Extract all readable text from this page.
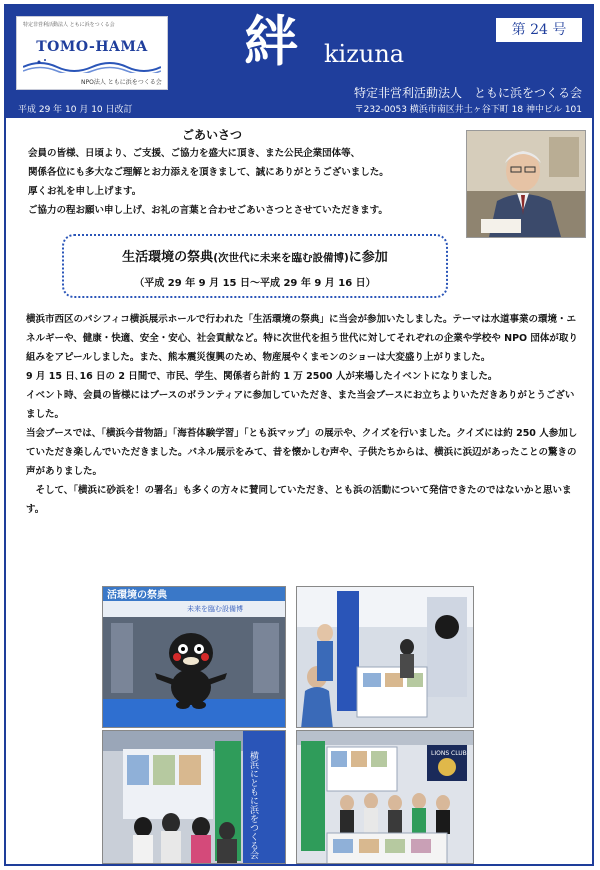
特定非営利活動法人 ともに浜をつくる会
TOMO-HAMA
NPO法人 ともに浜をつくる会
平成 29 年 10 月 10 日改訂
絆 kizuna
第 24 号
特定非営利活動法人　ともに浜をつくる会
〒232-0053 横浜市南区井土ヶ谷下町 18 神中ビル 101
ごあいさつ

会員の皆様、日頃より、ご支援、ご協力を盛大に頂き、また公民企業団体等、

関係各位にも多大なご理解とお力添えを頂きまして、誠にありがとうございました。

厚くお礼を申し上げます。

ご協力の程お願い申し上げ、お礼の言葉と合わせごあいさつとさせていただきます。

生活環境の祭典(次世代に未来を臨む設備博)に参加
（平成 29 年 9 月 15 日～平成 29 年 9 月 16 日）

横浜市西区のパシフィコ横浜展示ホールで行われた「生活環境の祭典」に当会が参加いたしました。テーマは水道事業の環境・エネルギーや、健康・快適、安全・安心、社会貢献など。特に次世代を担う世代に対してそれぞれの企業や学校や NPO 団体が取り組みをアピールしました。また、熊本震災復興のため、物産展やくまモンのショーは大変盛り上がりました。

9 月 15 日､16 日の 2 日間で、市民、学生、関係者ら計約 1 万 2500 人が来場したイベントになりました。

イベント時、会員の皆様にはブースのボランティアに参加していただき、また当会ブースにお立ちよりいただきありがとうございました。

当会ブースでは、「横浜今昔物語」「海苔体験学習」「とも浜マップ」の展示や、クイズを行いました。クイズには約 250 人参加していただき楽しんでいただきました。パネル展示をみて、昔を懐かしむ声や、子供たちからは、横浜に浜辺があったことの驚きの声がありました。

　そして、「横浜に砂浜を！の署名」も多くの方々に賛同していただき、とも浜の活動について発信できたのではないかと思います。

活環境の祭典
未来を臨む設備博
横浜にともに浜をつくる会	LIONS CLUB
